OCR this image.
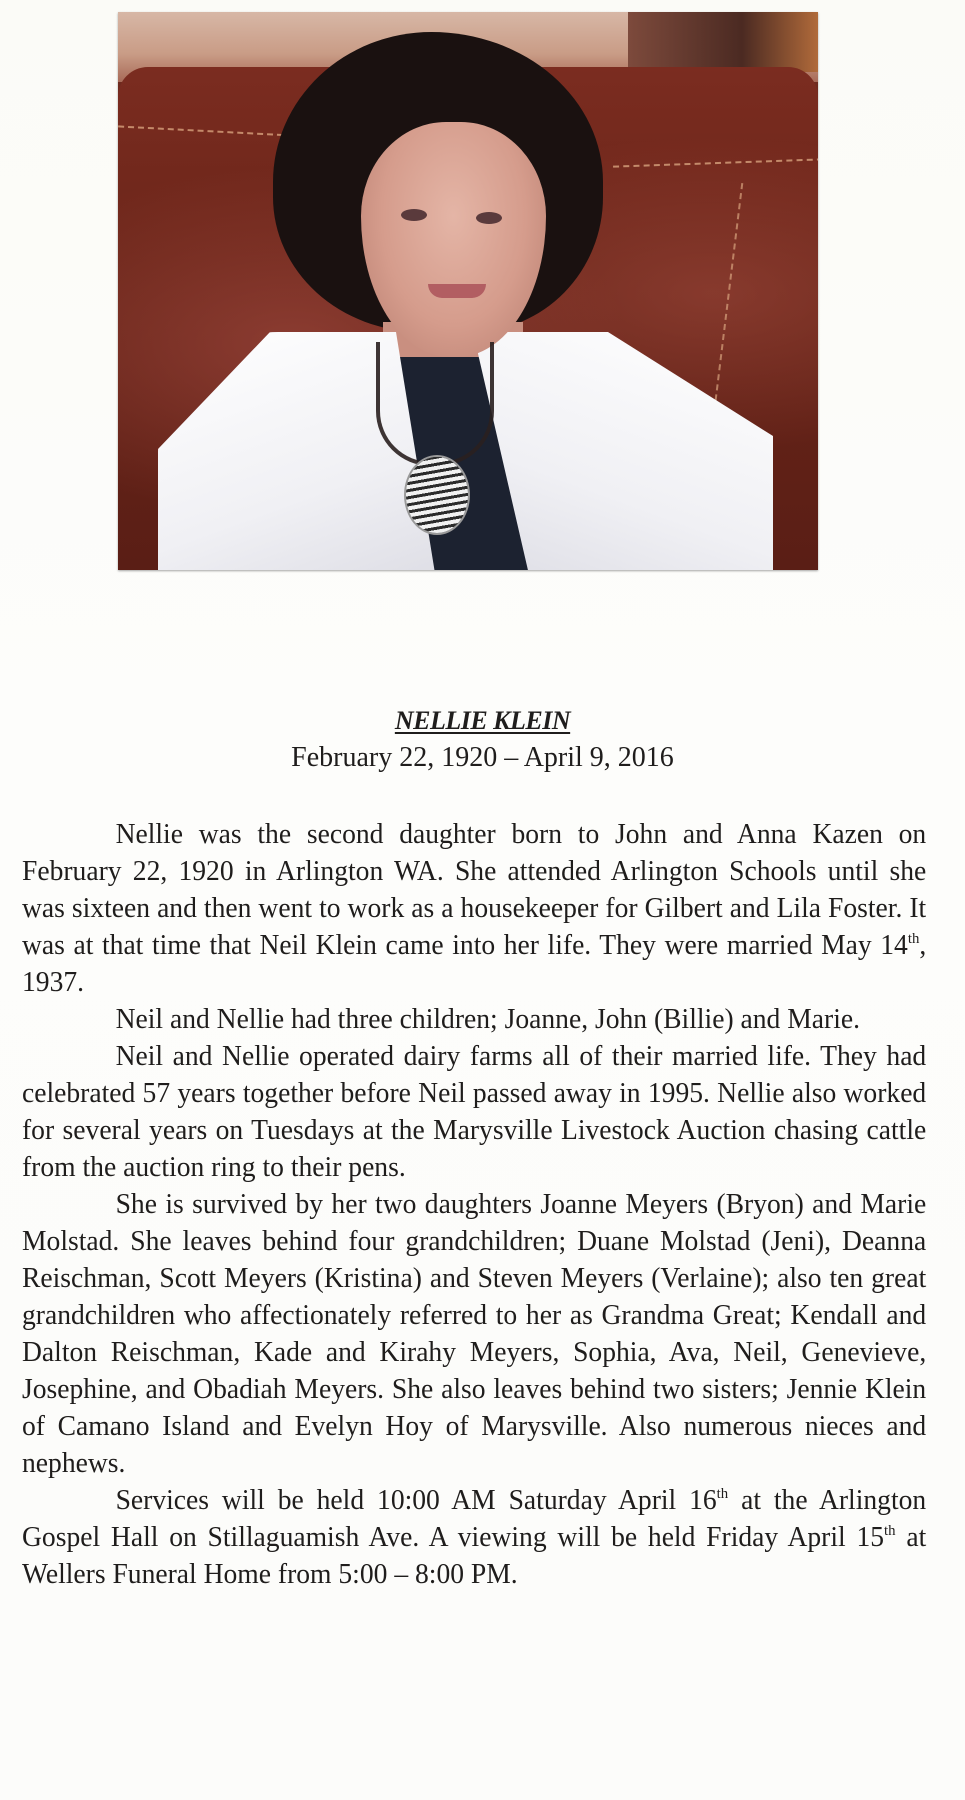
NELLIE KLEIN
February 22, 1920 – April 9, 2016

Nellie was the second daughter born to John and Anna Kazen on February 22, 1920 in Arlington WA. She attended Arlington Schools until she was sixteen and then went to work as a housekeeper for Gilbert and Lila Foster. It was at that time that Neil Klein came into her life. They were married May 14th, 1937.

Neil and Nellie had three children; Joanne, John (Billie) and Marie.

Neil and Nellie operated dairy farms all of their married life. They had celebrated 57 years together before Neil passed away in 1995. Nellie also worked for several years on Tuesdays at the Marysville Livestock Auction chasing cattle from the auction ring to their pens.

She is survived by her two daughters Joanne Meyers (Bryon) and Marie Molstad. She leaves behind four grandchildren; Duane Molstad (Jeni), Deanna Reischman, Scott Meyers (Kristina) and Steven Meyers (Verlaine); also ten great grandchildren who affectionately referred to her as Grandma Great; Kendall and Dalton Reischman, Kade and Kirahy Meyers, Sophia, Ava, Neil, Genevieve, Josephine, and Obadiah Meyers. She also leaves behind two sisters; Jennie Klein of Camano Island and Evelyn Hoy of Marysville. Also numerous nieces and nephews.

Services will be held 10:00 AM Saturday April 16th at the Arlington Gospel Hall on Stillaguamish Ave. A viewing will be held Friday April 15th at Wellers Funeral Home from 5:00 – 8:00 PM.
